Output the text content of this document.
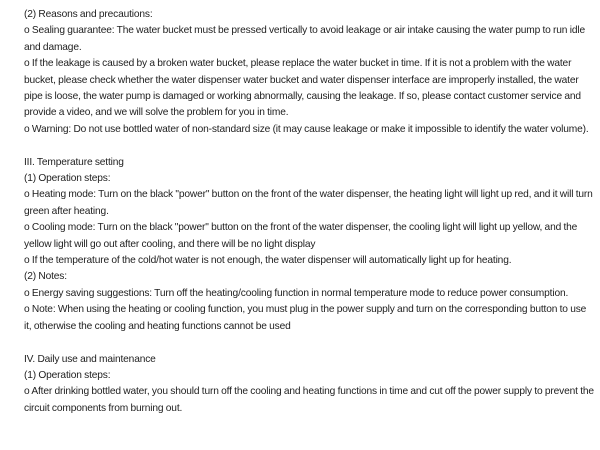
(2) Reasons and precautions:

o Sealing guarantee: The water bucket must be pressed vertically to avoid leakage or air intake causing the water pump to run idle and damage.

o If the leakage is caused by a broken water bucket, please replace the water bucket in time. If it is not a problem with the water bucket, please check whether the water dispenser water bucket and water dispenser interface are improperly installed, the water pipe is loose, the water pump is damaged or working abnormally, causing the leakage. If so, please contact customer service and provide a video, and we will solve the problem for you in time.

o Warning: Do not use bottled water of non-standard size (it may cause leakage or make it impossible to identify the water volume).

III. Temperature setting

(1) Operation steps:

o Heating mode: Turn on the black "power" button on the front of the water dispenser, the heating light will light up red, and it will turn green after heating.

o Cooling mode: Turn on the black "power" button on the front of the water dispenser, the cooling light will light up yellow, and the yellow light will go out after cooling, and there will be no light display

o If the temperature of the cold/hot water is not enough, the water dispenser will automatically light up for heating.

(2) Notes:

o Energy saving suggestions: Turn off the heating/cooling function in normal temperature mode to reduce power consumption.

o Note: When using the heating or cooling function, you must plug in the power supply and turn on the corresponding button to use it, otherwise the cooling and heating functions cannot be used

IV. Daily use and maintenance

(1) Operation steps:

o After drinking bottled water, you should turn off the cooling and heating functions in time and cut off the power supply to prevent the circuit components from burning out.
